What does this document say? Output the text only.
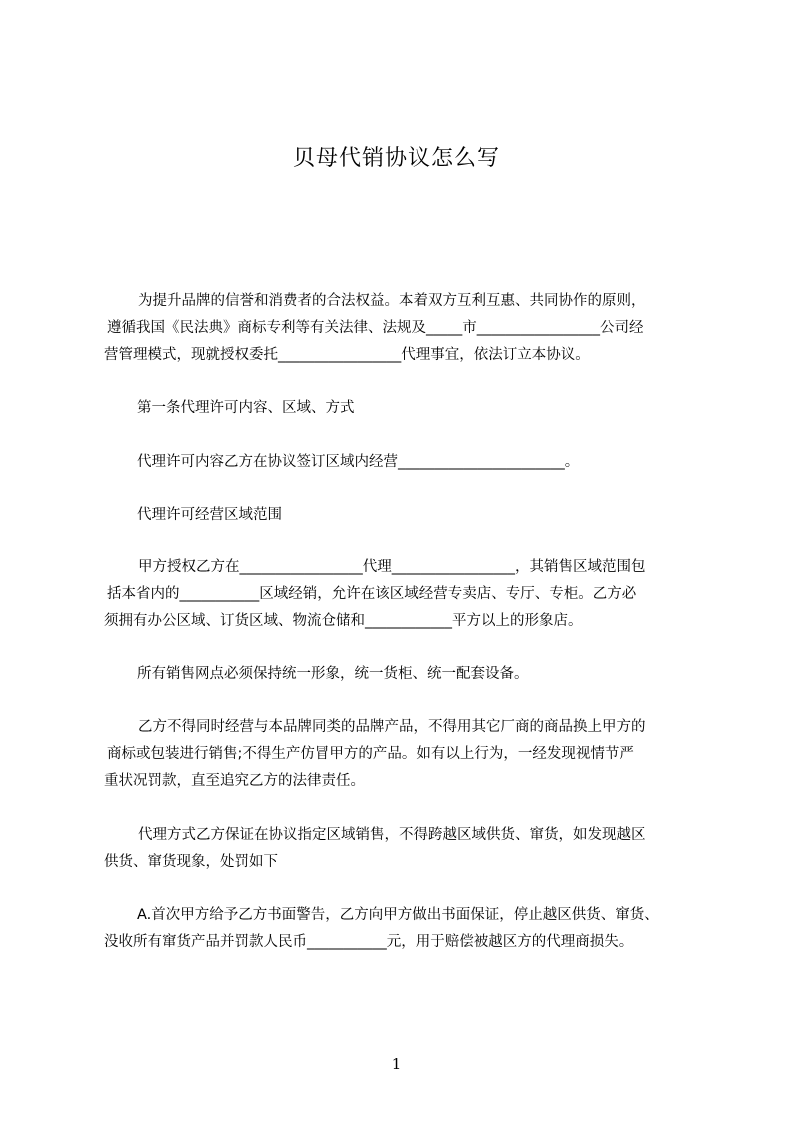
贝母代销协议怎么写
为提升品牌的信誉和消费者的合法权益。本着双方互利互惠、共同协作的原则，
遵循我国《民法典》商标专利等有关法律、法规及_____市_________________公司经
营管理模式，现就授权委托_________________代理事宜，依法订立本协议。
第一条代理许可内容、区域、方式
代理许可内容乙方在协议签订区域内经营_______________________。
代理许可经营区域范围
甲方授权乙方在_________________代理_________________，其销售区域范围包
括本省内的___________区域经销，允许在该区域经营专卖店、专厅、专柜。乙方必
须拥有办公区域、订货区域、物流仓储和____________平方以上的形象店。
所有销售网点必须保持统一形象，统一货柜、统一配套设备。
乙方不得同时经营与本品牌同类的品牌产品，不得用其它厂商的商品换上甲方的
商标或包装进行销售;不得生产仿冒甲方的产品。如有以上行为，一经发现视情节严
重状况罚款，直至追究乙方的法律责任。
代理方式乙方保证在协议指定区域销售，不得跨越区域供货、窜货，如发现越区
供货、窜货现象，处罚如下
A.首次甲方给予乙方书面警告，乙方向甲方做出书面保证，停止越区供货、窜货、
没收所有窜货产品并罚款人民币___________元，用于赔偿被越区方的代理商损失。
1
